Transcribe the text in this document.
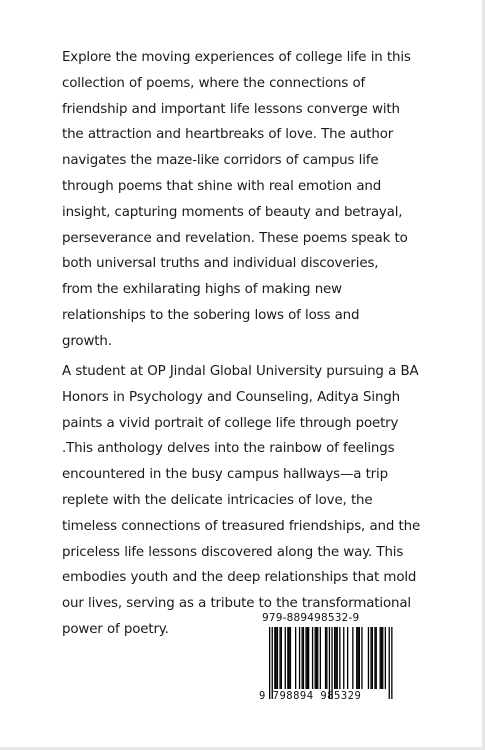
Explore the moving experiences of college life in this
collection of poems, where the connections of
friendship and important life lessons converge with
the attraction and heartbreaks of love. The author
navigates the maze-like corridors of campus life
through poems that shine with real emotion and
insight, capturing moments of beauty and betrayal,
perseverance and revelation. These poems speak to
both universal truths and individual discoveries,
from the exhilarating highs of making new
relationships to the sobering lows of loss and
growth.

A student at OP Jindal Global University pursuing a BA
Honors in Psychology and Counseling, Aditya Singh
paints a vivid portrait of college life through poetry
.This anthology delves into the rainbow of feelings
encountered in the busy campus hallways—a trip
replete with the delicate intricacies of love, the
timeless connections of treasured friendships, and the
priceless life lessons discovered along the way. This
embodies youth and the deep relationships that mold
our lives, serving as a tribute to the transformational
power of poetry.

979-889498532-9
9 798894 985329
